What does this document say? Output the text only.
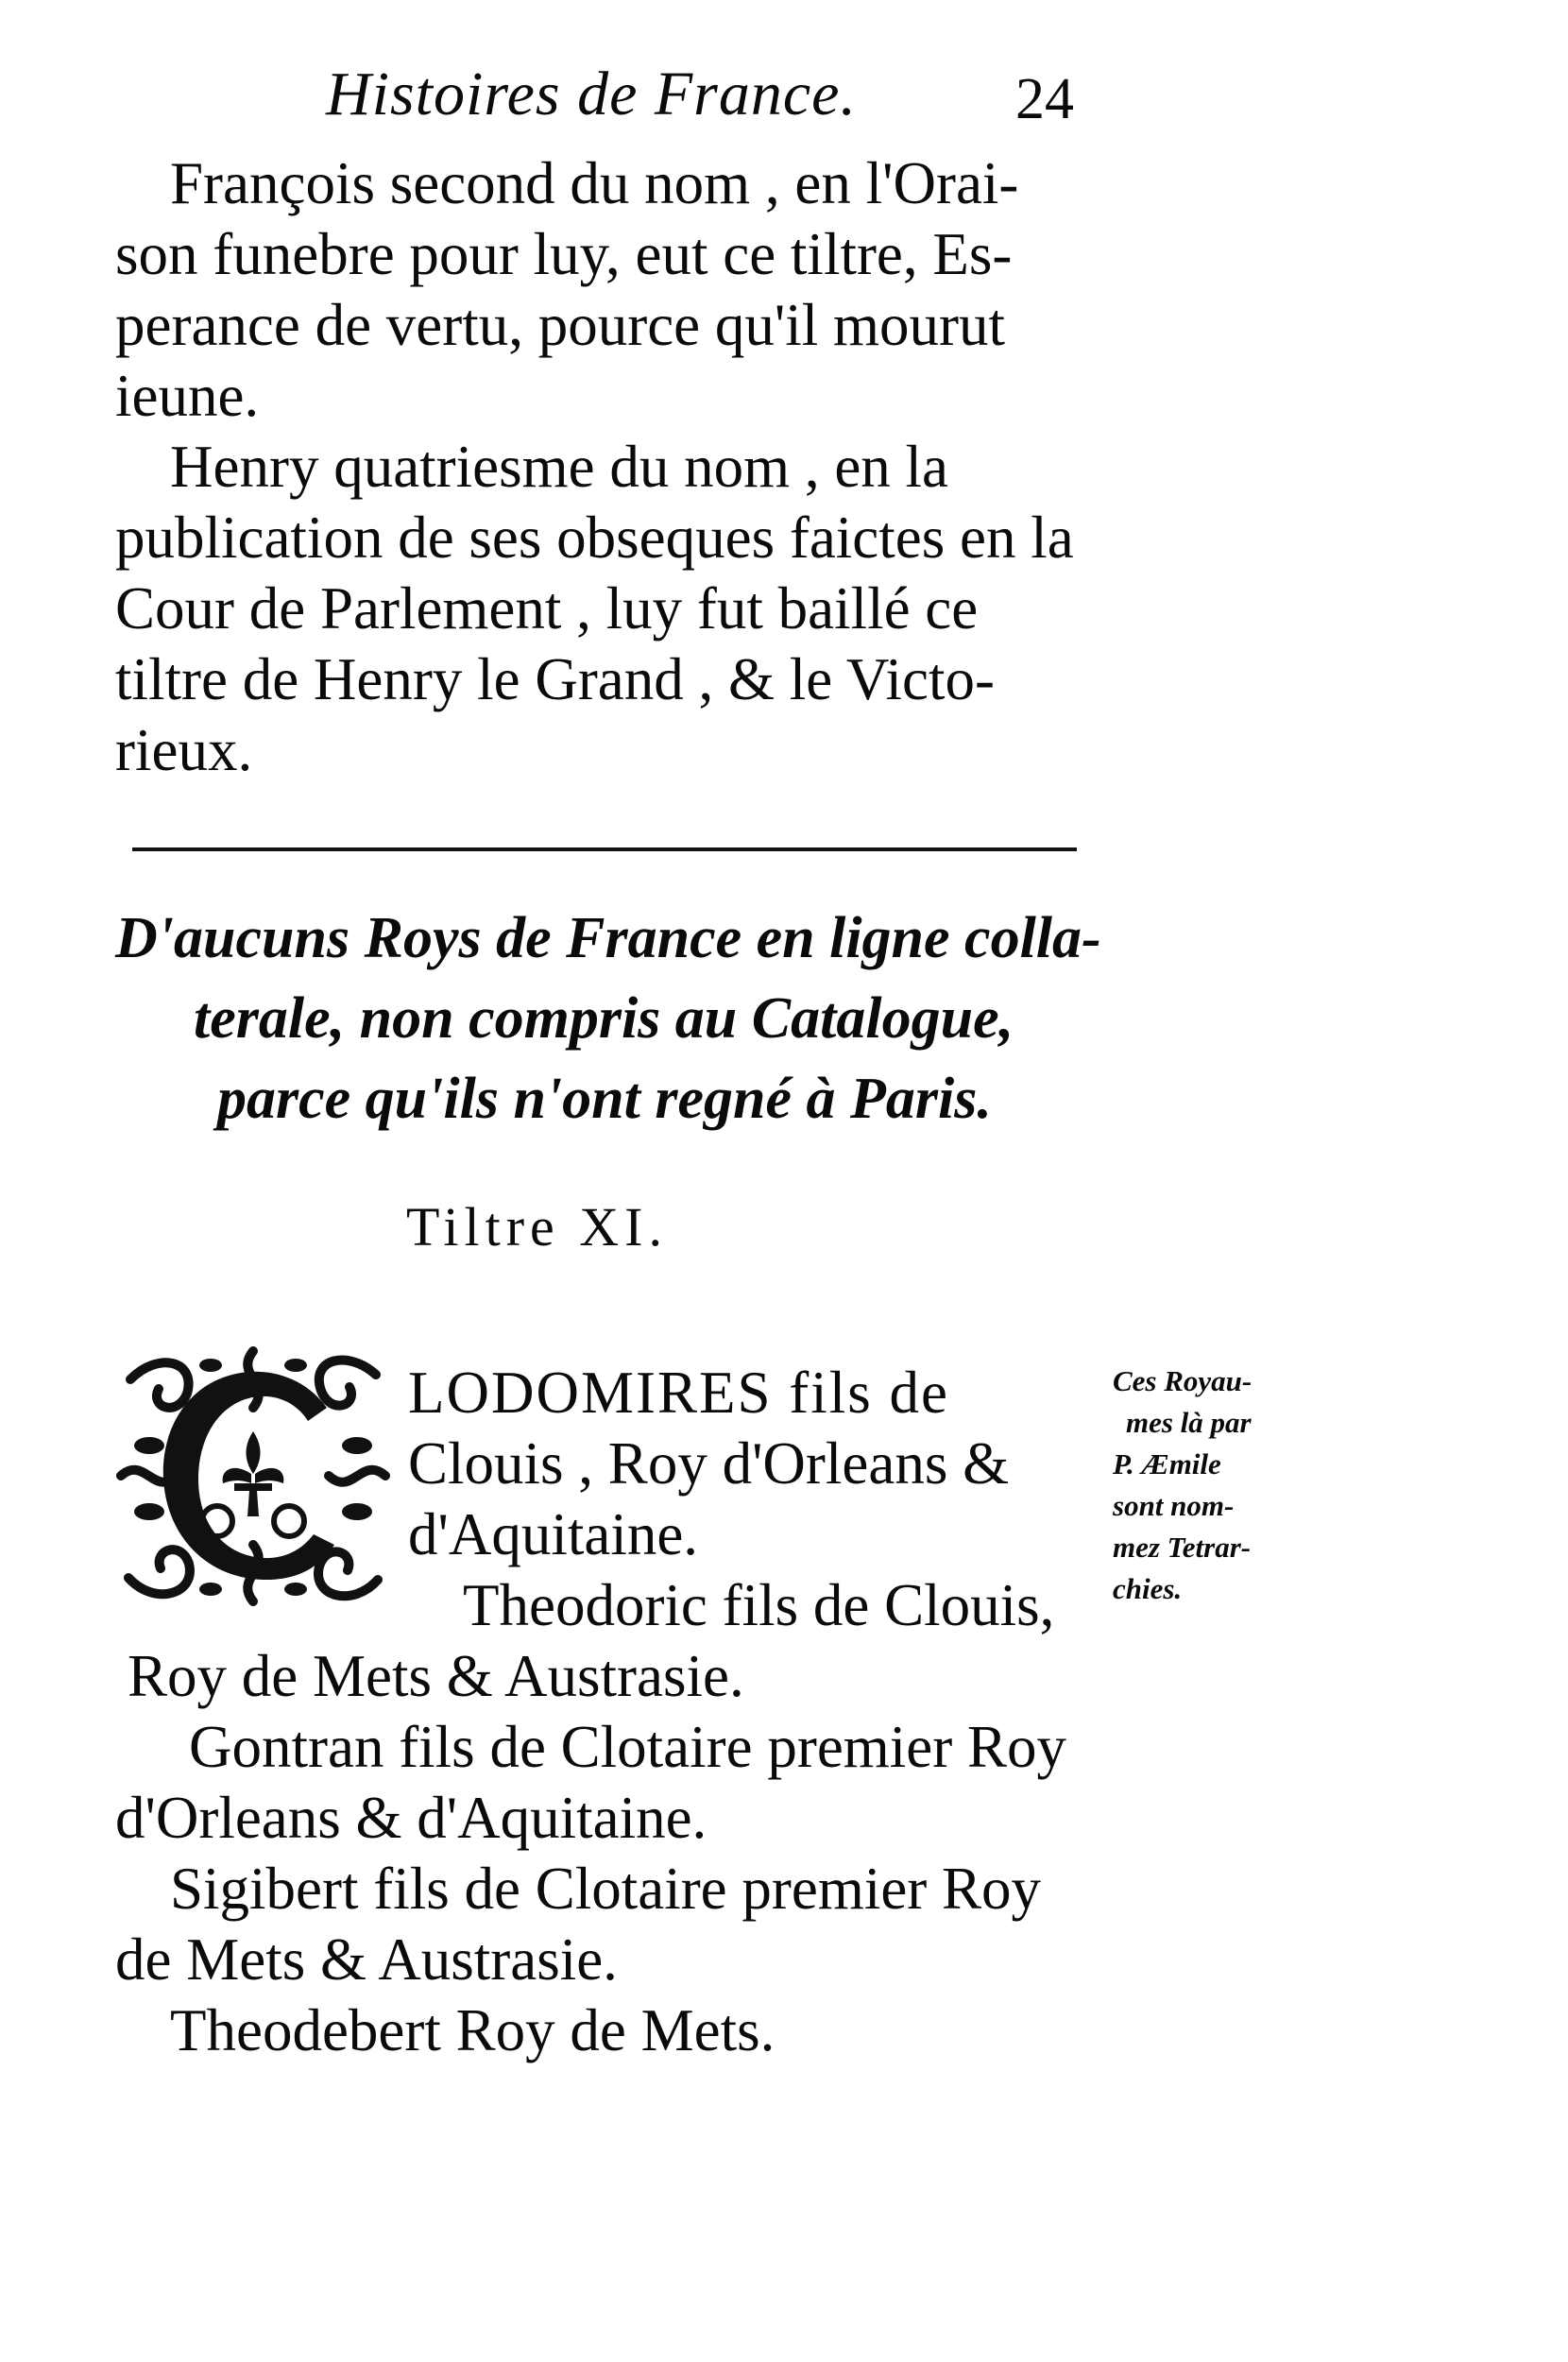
Histoires de France.	24
François second du nom , en l'Orai-
son funebre pour luy, eut ce tiltre, Es-
perance de vertu, pource qu'il mourut
ieune.
Henry quatriesme du nom , en la
publication de ses obseques faictes en la
Cour de Parlement , luy fut baillé ce
tiltre de Henry le Grand , & le Victo-
rieux.
D'aucuns Roys de France en ligne colla-
terale, non compris au Catalogue,
parce qu'ils n'ont regné à Paris.
Tiltre XI.
LODOMIRES fils de
Clouis , Roy d'Orleans &
d'Aquitaine.
Theodoric fils de Clouis,
Roy de Mets & Austrasie.
Gontran fils de Clotaire premier Roy
d'Orleans & d'Aquitaine.
Sigibert fils de Clotaire premier Roy
de Mets & Austrasie.
Theodebert Roy de Mets.
Ces Royau-
mes là par
P. Æmile
sont nom-
mez Tetrar-
chies.
